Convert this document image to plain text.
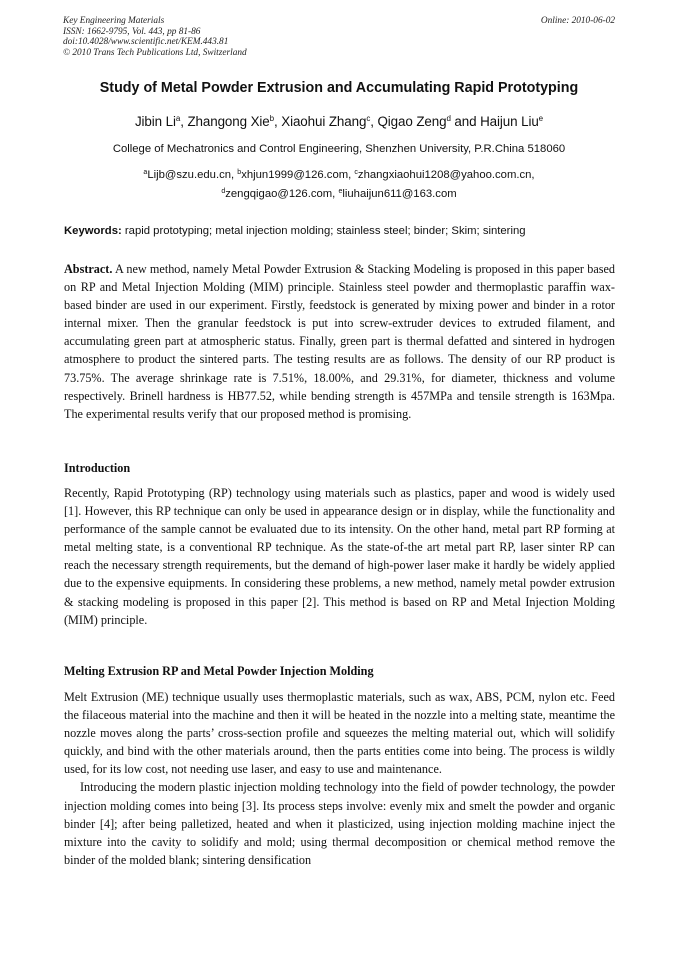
Key Engineering Materials
ISSN: 1662-9795, Vol. 443, pp 81-86
doi:10.4028/www.scientific.net/KEM.443.81
© 2010 Trans Tech Publications Ltd, Switzerland
Online: 2010-06-02
Study of Metal Powder Extrusion and Accumulating Rapid Prototyping
Jibin Li$^a$, Zhangong Xie$^b$, Xiaohui Zhang$^c$, Qigao Zeng$^d$ and Haijun Liu$^e$
College of Mechatronics and Control Engineering, Shenzhen University, P.R.China 518060
$^a$Lijb@szu.edu.cn, $^b$xhjun1999@126.com, $^c$zhangxiaohui1208@yahoo.com.cn,
$^d$zengqigao@126.com, $^e$liuhaijun611@163.com
Keywords: rapid prototyping; metal injection molding; stainless steel; binder; Skim; sintering
Abstract. A new method, namely Metal Powder Extrusion & Stacking Modeling is proposed in this paper based on RP and Metal Injection Molding (MIM) principle. Stainless steel powder and thermoplastic paraffin wax-based binder are used in our experiment. Firstly, feedstock is generated by mixing power and binder in a rotor internal mixer. Then the granular feedstock is put into screw-extruder devices to extruded filament, and accumulating green part at atmospheric status. Finally, green part is thermal defatted and sintered in hydrogen atmosphere to product the sintered parts. The testing results are as follows. The density of our RP product is 73.75%. The average shrinkage rate is 7.51%, 18.00%, and 29.31%, for diameter, thickness and volume respectively. Brinell hardness is HB77.52, while bending strength is 457MPa and tensile strength is 163Mpa. The experimental results verify that our proposed method is promising.
Introduction
Recently, Rapid Prototyping (RP) technology using materials such as plastics, paper and wood is widely used [1]. However, this RP technique can only be used in appearance design or in display, while the functionality and performance of the sample cannot be evaluated due to its intensity. On the other hand, metal part RP forming at metal melting state, is a conventional RP technique. As the state-of-the art metal part RP, laser sinter RP can reach the necessary strength requirements, but the demand of high-power laser make it hardly be widely applied due to the expensive equipments. In considering these problems, a new method, namely metal powder extrusion & stacking modeling is proposed in this paper [2]. This method is based on RP and Metal Injection Molding (MIM) principle.
Melting Extrusion RP and Metal Powder Injection Molding

Melt Extrusion (ME) technique usually uses thermoplastic materials, such as wax, ABS, PCM, nylon etc. Feed the filaceous material into the machine and then it will be heated in the nozzle into a melting state, meantime the nozzle moves along the parts’ cross-section profile and squeezes the melting material out, which will solidify quickly, and bind with the other materials around, then the parts entities come into being. The process is wildly used, for its low cost, not needing use laser, and easy to use and maintenance.

Introducing the modern plastic injection molding technology into the field of powder technology, the powder injection molding comes into being [3]. Its process steps involve: evenly mix and smelt the powder and organic binder [4]; after being palletized, heated and when it plasticized, using injection molding machine inject the mixture into the cavity to solidify and mold; using thermal decomposition or chemical method remove the binder of the molded blank; sintering densification
